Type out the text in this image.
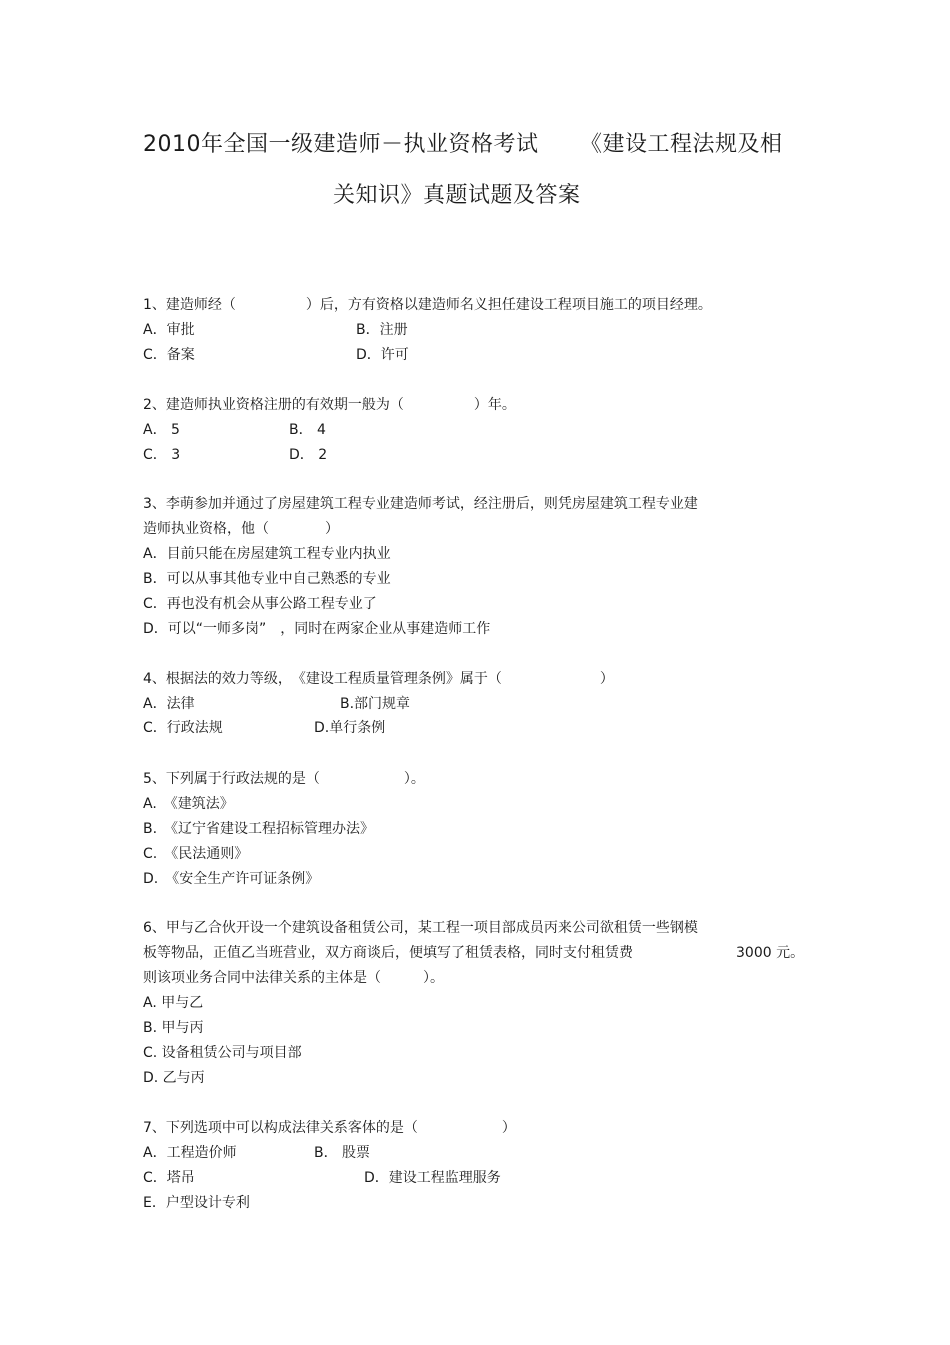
2010年全国一级建造师－执业资格考试 《建设工程法规及相
关知识》真题试题及答案
1、建造师经（　　　　　）后，方有资格以建造师名义担任建设工程项目施工的项目经理。
A．审批	B．注册
C．备案	D．许可
2、建造师执业资格注册的有效期一般为（　　　　　）年。
A． 5	B． 4
C． 3	D． 2
3、李萌参加并通过了房屋建筑工程专业建造师考试，经注册后，则凭房屋建筑工程专业建
造师执业资格，他（　　　　）
A．目前只能在房屋建筑工程专业内执业
B．可以从事其他专业中自己熟悉的专业
C．再也没有机会从事公路工程专业了
D．可以“一师多岗”　，同时在两家企业从事建造师工作
4、根据法的效力等级，　《建设工程质量管理条例》属于（　　　　　　　）
A．法律	B.部门规章
C．行政法规	D.单行条例
5、下列属于行政法规的是（　　　　　　）。
A.　《建筑法》
B.　《辽宁省建设工程招标管理办法》
C.　《民法通则》
D.　《安全生产许可证条例》
6、甲与乙合伙开设一个建筑设备租赁公司，某工程一项目部成员丙来公司欲租赁一些钢模
板等物品，正值乙当班营业，双方商谈后，便填写了租赁表格，同时支付租赁费	3000 元。
则该项业务合同中法律关系的主体是（　　　）。
A. 甲与乙
B. 甲与丙
C. 设备租赁公司与项目部
D. 乙与丙
7、下列选项中可以构成法律关系客体的是（　　　　　　）
A．工程造价师	B． 股票
C．塔吊	D．建设工程监理服务
E．户型设计专利
